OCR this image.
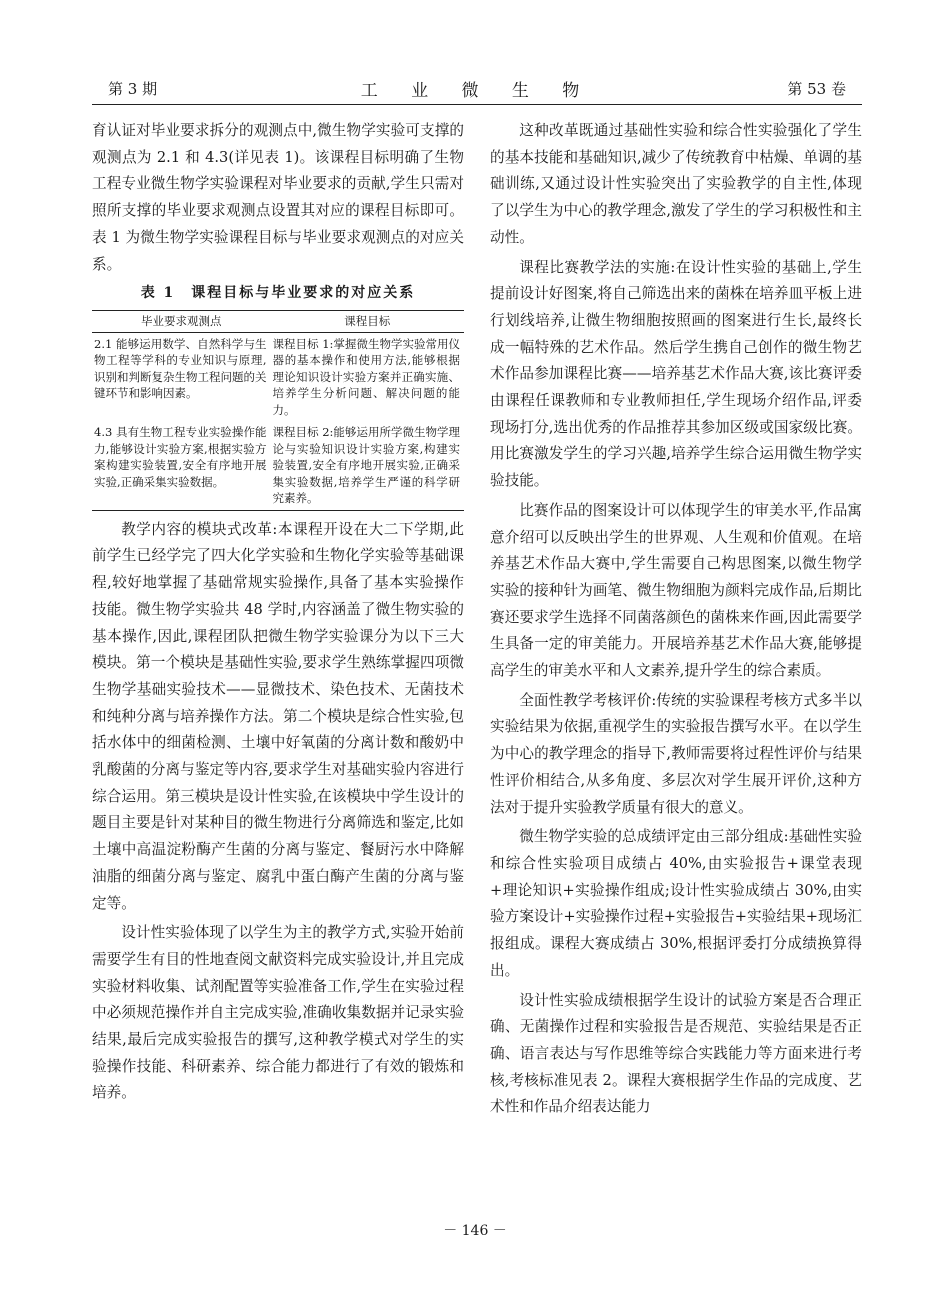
第 3 期	工 业 微 生 物	第 53 卷

育认证对毕业要求拆分的观测点中,微生物学实验可支撑的观测点为 2.1 和 4.3(详见表 1)。该课程目标明确了生物工程专业微生物学实验课程对毕业要求的贡献,学生只需对照所支撑的毕业要求观测点设置其对应的课程目标即可。表 1 为微生物学实验课程目标与毕业要求观测点的对应关系。

表 1　课程目标与毕业要求的对应关系
毕业要求观测点	课程目标
2.1 能够运用数学、自然科学与生物工程等学科的专业知识与原理,识别和判断复杂生物工程问题的关键环节和影响因素。	课程目标 1:掌握微生物学实验常用仪器的基本操作和使用方法,能够根据理论知识设计实验方案并正确实施、培养学生分析问题、解决问题的能力。
4.3 具有生物工程专业实验操作能力,能够设计实验方案,根据实验方案构建实验装置,安全有序地开展实验,正确采集实验数据。	课程目标 2:能够运用所学微生物学理论与实验知识设计实验方案,构建实验装置,安全有序地开展实验,正确采集实验数据,培养学生严谨的科学研究素养。

教学内容的模块式改革:本课程开设在大二下学期,此前学生已经学完了四大化学实验和生物化学实验等基础课程,较好地掌握了基础常规实验操作,具备了基本实验操作技能。微生物学实验共 48 学时,内容涵盖了微生物实验的基本操作,因此,课程团队把微生物学实验课分为以下三大模块。第一个模块是基础性实验,要求学生熟练掌握四项微生物学基础实验技术——显微技术、染色技术、无菌技术和纯种分离与培养操作方法。第二个模块是综合性实验,包括水体中的细菌检测、土壤中好氧菌的分离计数和酸奶中乳酸菌的分离与鉴定等内容,要求学生对基础实验内容进行综合运用。第三模块是设计性实验,在该模块中学生设计的题目主要是针对某种目的微生物进行分离筛选和鉴定,比如土壤中高温淀粉酶产生菌的分离与鉴定、餐厨污水中降解油脂的细菌分离与鉴定、腐乳中蛋白酶产生菌的分离与鉴定等。

设计性实验体现了以学生为主的教学方式,实验开始前需要学生有目的性地查阅文献资料完成实验设计,并且完成实验材料收集、试剂配置等实验准备工作,学生在实验过程中必须规范操作并自主完成实验,准确收集数据并记录实验结果,最后完成实验报告的撰写,这种教学模式对学生的实验操作技能、科研素养、综合能力都进行了有效的锻炼和培养。

这种改革既通过基础性实验和综合性实验强化了学生的基本技能和基础知识,减少了传统教育中枯燥、单调的基础训练,又通过设计性实验突出了实验教学的自主性,体现了以学生为中心的教学理念,激发了学生的学习积极性和主动性。

课程比赛教学法的实施:在设计性实验的基础上,学生提前设计好图案,将自己筛选出来的菌株在培养皿平板上进行划线培养,让微生物细胞按照画的图案进行生长,最终长成一幅特殊的艺术作品。然后学生携自己创作的微生物艺术作品参加课程比赛——培养基艺术作品大赛,该比赛评委由课程任课教师和专业教师担任,学生现场介绍作品,评委现场打分,选出优秀的作品推荐其参加区级或国家级比赛。用比赛激发学生的学习兴趣,培养学生综合运用微生物学实验技能。

比赛作品的图案设计可以体现学生的审美水平,作品寓意介绍可以反映出学生的世界观、人生观和价值观。在培养基艺术作品大赛中,学生需要自己构思图案,以微生物学实验的接种针为画笔、微生物细胞为颜料完成作品,后期比赛还要求学生选择不同菌落颜色的菌株来作画,因此需要学生具备一定的审美能力。开展培养基艺术作品大赛,能够提高学生的审美水平和人文素养,提升学生的综合素质。

全面性教学考核评价:传统的实验课程考核方式多半以实验结果为依据,重视学生的实验报告撰写水平。在以学生为中心的教学理念的指导下,教师需要将过程性评价与结果性评价相结合,从多角度、多层次对学生展开评价,这种方法对于提升实验教学质量有很大的意义。

微生物学实验的总成绩评定由三部分组成:基础性实验和综合性实验项目成绩占 40%,由实验报告+课堂表现+理论知识+实验操作组成;设计性实验成绩占 30%,由实验方案设计+实验操作过程+实验报告+实验结果+现场汇报组成。课程大赛成绩占 30%,根据评委打分成绩换算得出。

设计性实验成绩根据学生设计的试验方案是否合理正确、无菌操作过程和实验报告是否规范、实验结果是否正确、语言表达与写作思维等综合实践能力等方面来进行考核,考核标准见表 2。课程大赛根据学生作品的完成度、艺术性和作品介绍表达能力

－ 146 －
